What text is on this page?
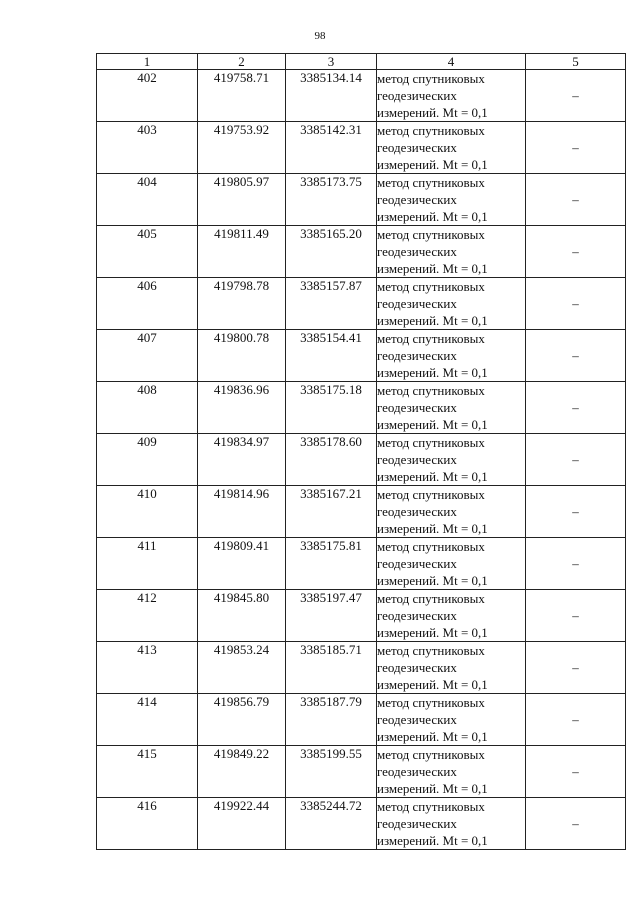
98
1	2	3	4	5
402	419758.71	3385134.14	метод спутниковых
геодезических
измерений. Mt = 0,1	–
403	419753.92	3385142.31	метод спутниковых
геодезических
измерений. Mt = 0,1	–
404	419805.97	3385173.75	метод спутниковых
геодезических
измерений. Mt = 0,1	–
405	419811.49	3385165.20	метод спутниковых
геодезических
измерений. Mt = 0,1	–
406	419798.78	3385157.87	метод спутниковых
геодезических
измерений. Mt = 0,1	–
407	419800.78	3385154.41	метод спутниковых
геодезических
измерений. Mt = 0,1	–
408	419836.96	3385175.18	метод спутниковых
геодезических
измерений. Mt = 0,1	–
409	419834.97	3385178.60	метод спутниковых
геодезических
измерений. Mt = 0,1	–
410	419814.96	3385167.21	метод спутниковых
геодезических
измерений. Mt = 0,1	–
411	419809.41	3385175.81	метод спутниковых
геодезических
измерений. Mt = 0,1	–
412	419845.80	3385197.47	метод спутниковых
геодезических
измерений. Mt = 0,1	–
413	419853.24	3385185.71	метод спутниковых
геодезических
измерений. Mt = 0,1	–
414	419856.79	3385187.79	метод спутниковых
геодезических
измерений. Mt = 0,1	–
415	419849.22	3385199.55	метод спутниковых
геодезических
измерений. Mt = 0,1	–
416	419922.44	3385244.72	метод спутниковых
геодезических
измерений. Mt = 0,1	–
